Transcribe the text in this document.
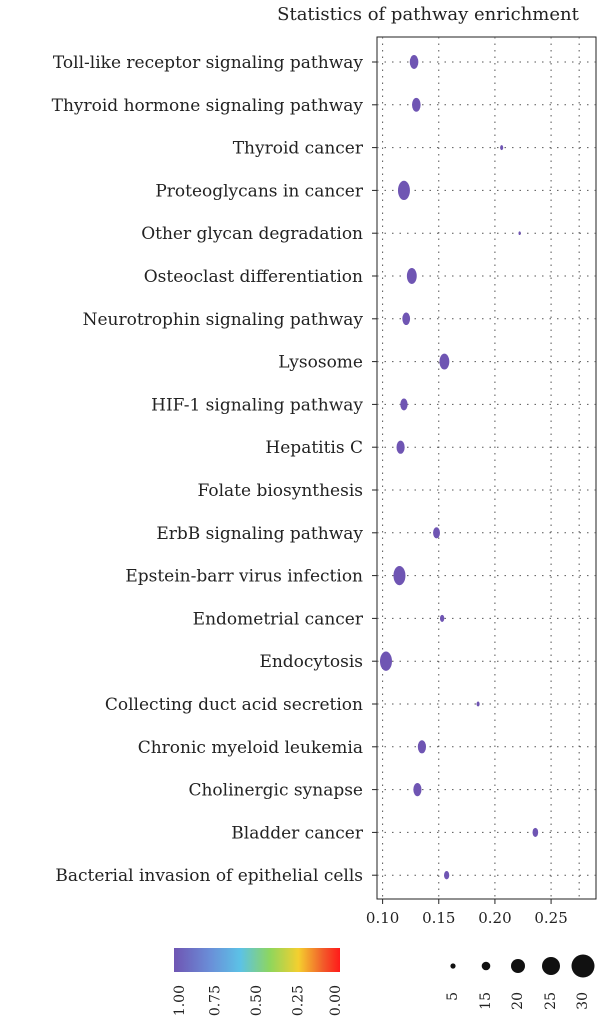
Statistics of pathway enrichment
0.10 0.15 0.20 0.25
Toll-like receptor signaling pathway
Thyroid hormone signaling pathway
Thyroid cancer
Proteoglycans in cancer
Other glycan degradation
Osteoclast differentiation
Neurotrophin signaling pathway
Lysosome
HIF-1 signaling pathway
Hepatitis C
Folate biosynthesis
ErbB signaling pathway
Epstein-barr virus infection
Endometrial cancer
Endocytosis
Collecting duct acid secretion
Chronic myeloid leukemia
Cholinergic synapse
Bladder cancer
Bacterial invasion of epithelial cells
1.00 0.75 0.50 0.25 0.00	5 15 20 25 30
